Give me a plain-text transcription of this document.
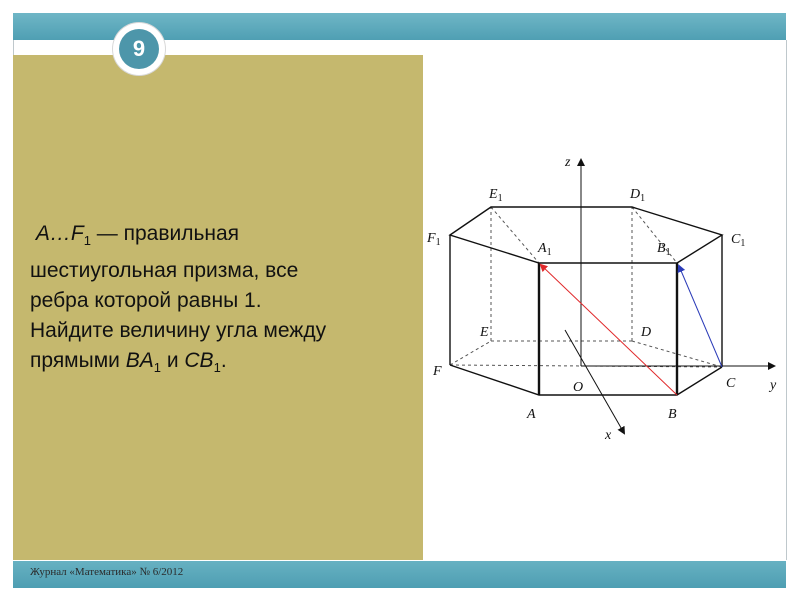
9

$A\dots F_1$ — правильная

шестиугольная призма, все

ребра которой равны 1.

Найдите величину угла между

прямыми $BA_1$ и $CB_1$.

$E_1$	$D_1$
$F_1$	$A_1$	$B_1$
$C_1$
E	D
F
A	B
C
O
z
y
x
Журнал «Математика» № 6/2012
